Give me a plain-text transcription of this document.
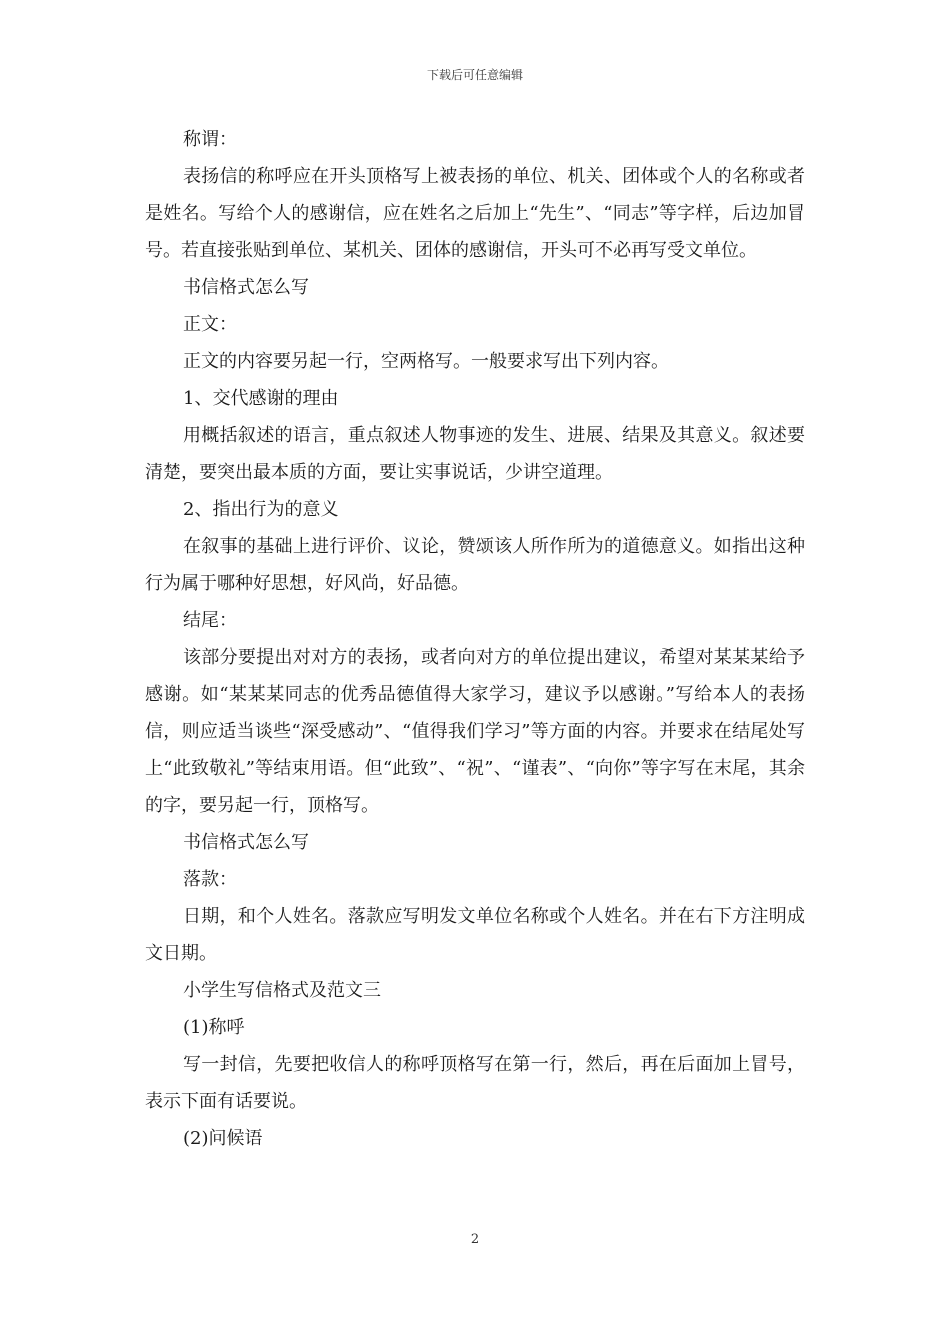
下载后可任意编辑

称谓：

表扬信的称呼应在开头顶格写上被表扬的单位、机关、团体或个人的名称或者是姓名。写给个人的感谢信，应在姓名之后加上“先生”、“同志”等字样，后边加冒号。若直接张贴到单位、某机关、团体的感谢信，开头可不必再写受文单位。

书信格式怎么写

正文：

正文的内容要另起一行，空两格写。一般要求写出下列内容。

1、交代感谢的理由

用概括叙述的语言，重点叙述人物事迹的发生、进展、结果及其意义。叙述要清楚，要突出最本质的方面，要让实事说话，少讲空道理。

2、指出行为的意义

在叙事的基础上进行评价、议论，赞颂该人所作所为的道德意义。如指出这种行为属于哪种好思想，好风尚，好品德。

结尾：

该部分要提出对对方的表扬，或者向对方的单位提出建议，希望对某某某给予感谢。如“某某某同志的优秀品德值得大家学习，建议予以感谢。”写给本人的表扬信，则应适当谈些“深受感动”、“值得我们学习”等方面的内容。并要求在结尾处写上“此致敬礼”等结束用语。但“此致”、“祝”、“谨表”、“向你”等字写在末尾，其余的字，要另起一行，顶格写。

书信格式怎么写

落款：

日期，和个人姓名。落款应写明发文单位名称或个人姓名。并在右下方注明成文日期。

小学生写信格式及范文三

(1)称呼

写一封信，先要把收信人的称呼顶格写在第一行，然后，再在后面加上冒号，表示下面有话要说。

(2)问候语

2
